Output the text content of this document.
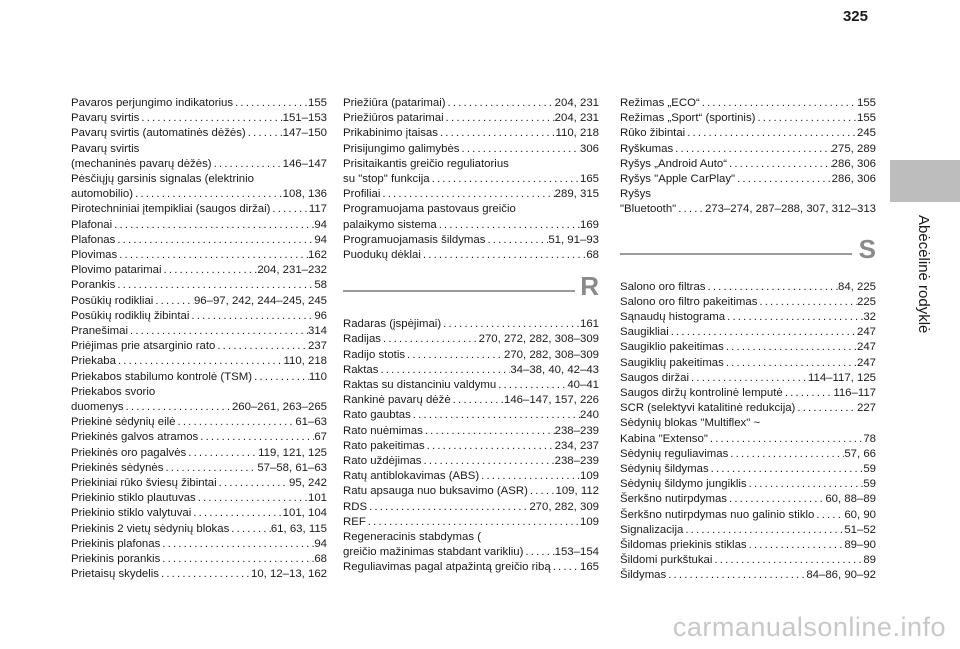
325
Abėcėlinė rodyklė
Pavaros perjungimo indikatorius . . .	155
Pavarų svirtis . . .	151–153
Pavarų svirtis (automatinės dėžės) . . .	147–150
Pavarų svirtis
(mechaninės pavarų dėžės) . . .	146–147
Pėsčiųjų garsinis signalas (elektrinio
automobilio) . . .	108, 136
Pirotechniniai įtempikliai (saugos diržai) . . .	117
Plafonai . . .	94
Plafonas . . .	94
Plovimas . . .	162
Plovimo patarimai . . .	204, 231–232
Porankis . . .	58
Posūkių rodikliai . . .	96–97, 242, 244–245, 245
Posūkių rodiklių žibintai . . .	96
Pranešimai . . .	314
Priėjimas prie atsarginio rato . . .	237
Priekaba . . .	110, 218
Priekabos stabilumo kontrolė (TSM) . . .	110
Priekabos svorio
duomenys . . .	260–261, 263–265
Priekinė sėdynių eilė . . .	61–63
Priekinės galvos atramos . . .	67
Priekinės oro pagalvės . . .	119, 121, 125
Priekinės sėdynės . . .	57–58, 61–63
Priekiniai rūko šviesų žibintai . . .	95, 242
Priekinio stiklo plautuvas . . .	101
Priekinio stiklo valytuvai . . .	101, 104
Priekinis 2 vietų sėdynių blokas . . .	61, 63, 115
Priekinis plafonas . . .	94
Priekinis porankis . . .	68
Prietaisų skydelis . . .	10, 12–13, 162
Priežiūra (patarimai) . . .	204, 231
Priežiūros patarimai . . .	204, 231
Prikabinimo įtaisas . . .	110, 218
Prisijungimo galimybės . . .	306
Prisitaikantis greičio reguliatorius
su "stop" funkcija . . .	165
Profiliai . . .	289, 315
Programuojama pastovaus greičio
palaikymo sistema . . .	169
Programuojamasis šildymas . . .	51, 91–93
Puodukų dėklai . . .	68
R
Radaras (įspėjimai) . . .	161
Radijas . . .	270, 272, 282, 308–309
Radijo stotis . . .	270, 282, 308–309
Raktas . . .	34–38, 40, 42–43
Raktas su distanciniu valdymu . . .	40–41
Rankinė pavarų dėžė . . .	146–147, 157, 226
Rato gaubtas . . .	240
Rato nuėmimas . . .	238–239
Rato pakeitimas . . .	234, 237
Rato uždėjimas . . .	238–239
Ratų antiblokavimas (ABS) . . .	109
Ratu apsauga nuo buksavimo (ASR) . . . 109, 112
RDS . . .	270, 282, 309
REF . . .	109
Regeneracinis stabdymas (
greičio mažinimas stabdant varikliu) . . .	153–154
Reguliavimas pagal atpažintą greičio ribą . . .	165
Režimas „ECO“ . . .	155
Režimas „Sport“ (sportinis) . . .	155
Rūko žibintai . . .	245
Ryškumas . . .	275, 289
Ryšys „Android Auto“ . . .	286, 306
Ryšys "Apple CarPlay" . . .	286, 306
Ryšys
"Bluetooth" . . .	273–274, 287–288, 307, 312–313
S
Salono oro filtras . . .	84, 225
Salono oro filtro pakeitimas . . .	225
Sąnaudų histograma . . .	32
Saugikliai . . .	247
Saugiklio pakeitimas . . .	247
Saugiklių pakeitimas . . .	247
Saugos diržai . . .	114–117, 125
Saugos diržų kontrolinė lemputė . . .	116–117
SCR (selektyvi katalitinė redukcija) . . .	227
Sėdynių blokas "Multiflex" ~
Kabina "Extenso" . . .	78
Sėdynių reguliavimas . . .	57, 66
Sėdynių šildymas . . .	59
Sėdynių šildymo jungiklis . . .	59
Šerkšno nutirpdymas . . .	60, 88–89
Šerkšno nutirpdymas nuo galinio stiklo . . .	60, 90
Signalizacija . . .	51–52
Šildomas priekinis stiklas . . .	89–90
Šildomi purkštukai . . .	89
Šildymas . . .	84–86, 90–92
carmanualsonline.info
